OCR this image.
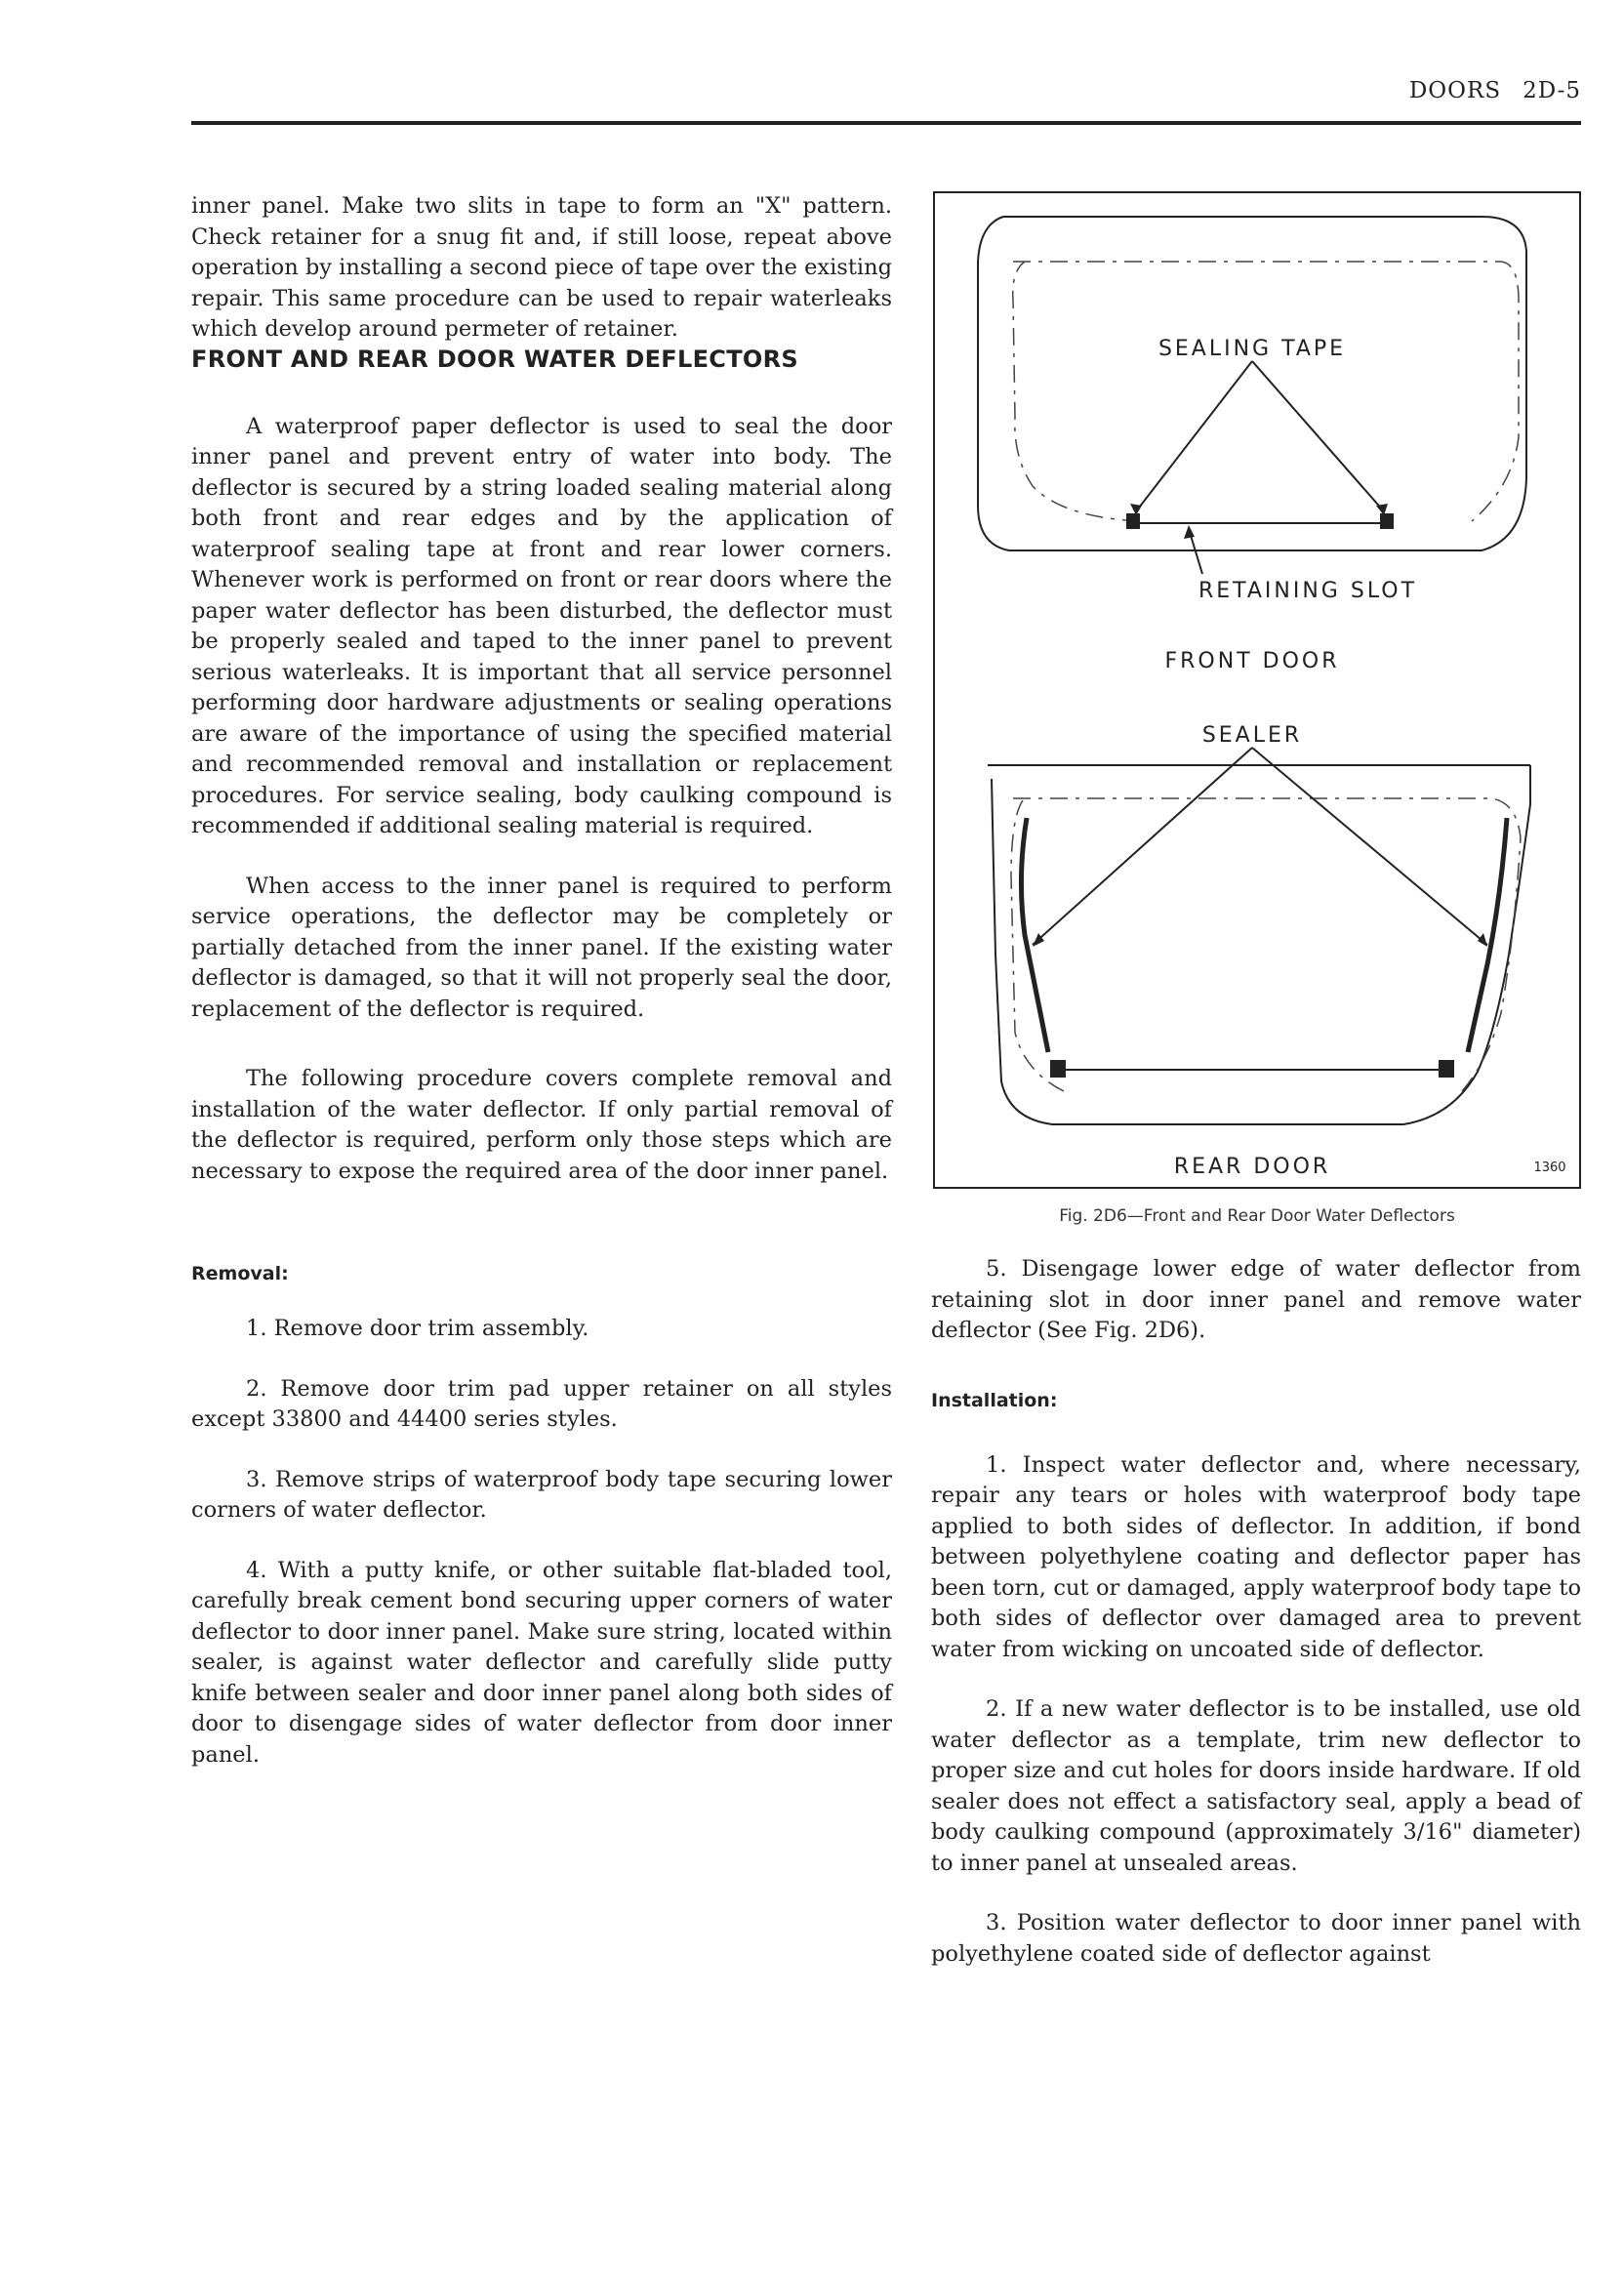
DOORS 2D-5

inner panel. Make two slits in tape to form an "X" pattern. Check retainer for a snug fit and, if still loose, repeat above operation by installing a second piece of tape over the existing repair. This same procedure can be used to repair waterleaks which develop around permeter of retainer.

FRONT AND REAR DOOR WATER DEFLECTORS

A waterproof paper deflector is used to seal the door inner panel and prevent entry of water into body. The deflector is secured by a string loaded sealing material along both front and rear edges and by the application of waterproof sealing tape at front and rear lower corners. Whenever work is performed on front or rear doors where the paper water deflector has been disturbed, the deflector must be properly sealed and taped to the inner panel to prevent serious waterleaks. It is important that all service personnel performing door hardware adjustments or sealing operations are aware of the importance of using the specified material and recommended removal and installation or replacement procedures. For service sealing, body caulking compound is recommended if additional sealing material is required.

When access to the inner panel is required to perform service operations, the deflector may be completely or partially detached from the inner panel. If the existing water deflector is damaged, so that it will not properly seal the door, replacement of the deflector is required.

The following procedure covers complete removal and installation of the water deflector. If only partial removal of the deflector is required, perform only those steps which are necessary to expose the required area of the door inner panel.

Removal:

1. Remove door trim assembly.

2. Remove door trim pad upper retainer on all styles except 33800 and 44400 series styles.

3. Remove strips of waterproof body tape securing lower corners of water deflector.

4. With a putty knife, or other suitable flat-bladed tool, carefully break cement bond securing upper corners of water deflector to door inner panel. Make sure string, located within sealer, is against water deflector and carefully slide putty knife between sealer and door inner panel along both sides of door to disengage sides of water deflector from door inner panel.

SEALING TAPE
RETAINING SLOT
FRONT DOOR
SEALER
REAR DOOR	1360
Fig. 2D6—Front and Rear Door Water Deflectors

5. Disengage lower edge of water deflector from retaining slot in door inner panel and remove water deflector (See Fig. 2D6).

Installation:

1. Inspect water deflector and, where necessary, repair any tears or holes with waterproof body tape applied to both sides of deflector. In addition, if bond between polyethylene coating and deflector paper has been torn, cut or damaged, apply waterproof body tape to both sides of deflector over damaged area to prevent water from wicking on uncoated side of deflector.

2. If a new water deflector is to be installed, use old water deflector as a template, trim new deflector to proper size and cut holes for doors inside hardware. If old sealer does not effect a satisfactory seal, apply a bead of body caulking compound (approximately 3/16" diameter) to inner panel at unsealed areas.

3. Position water deflector to door inner panel with polyethylene coated side of deflector against
